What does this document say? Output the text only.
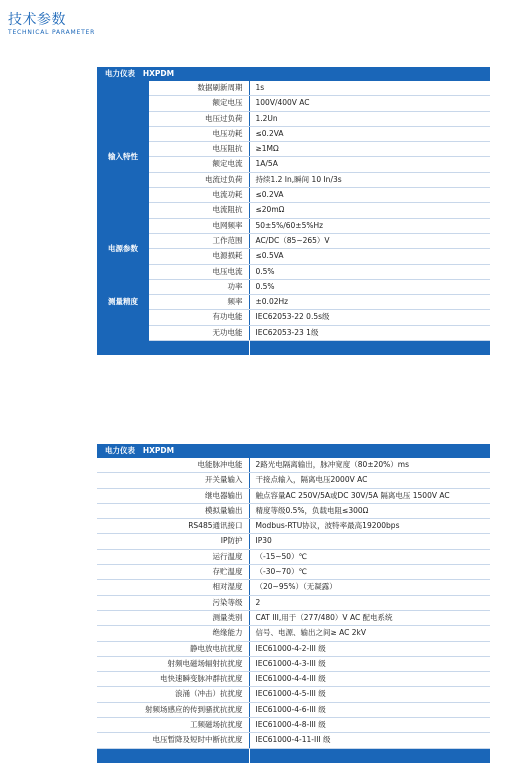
技术参数
TECHNICAL PARAMETER
电力仪表 HXPDM		
输入特性	数据刷新周期	1s
	额定电压	100V/400V AC
	电压过负荷	1.2Un
	电压功耗	≤0.2VA
	电压阻抗	≥1MΩ
	额定电流	1A/5A
	电流过负荷	持续1.2 In,瞬间 10 In/3s
	电流功耗	≤0.2VA
	电流阻抗	≤20mΩ
	电网频率	50±5%/60±5%Hz
电源参数	工作范围	AC/DC（85~265）V
	电源损耗	≤0.5VA
测量精度	电压电流	0.5%
	功率	0.5%
	频率	±0.02Hz
	有功电能	IEC62053-22 0.5s级
	无功电能	IEC62053-23 1级

电力仪表 HXPDM	
电能脉冲电能	2路光电隔离输出，脉冲宽度（80±20%）ms
开关量输入	干接点输入，隔离电压2000V AC
继电器输出	触点容量AC 250V/5A或DC 30V/5A 隔离电压 1500V AC
模拟量输出	精度等级0.5%，负载电阻≤300Ω
RS485通讯接口	Modbus-RTU协议，波特率最高19200bps
IP防护	IP30
运行温度	（-15~50）℃
存贮温度	（-30~70）℃
相对湿度	（20~95%）（无凝露）
污染等级	2
测量类别	CAT III,用于（277/480）V AC 配电系统
绝缘能力	信号、电源、输出之间≥ AC 2kV
静电放电抗扰度	IEC61000-4-2-III 级
射频电磁场辐射抗扰度	IEC61000-4-3-III 级
电快速瞬变脉冲群抗扰度	IEC61000-4-4-III 级
浪涌（冲击）抗扰度	IEC61000-4-5-III 级
射频场感应的传到骚扰抗扰度	IEC61000-4-6-III 级
工频磁场抗扰度	IEC61000-4-8-III 级
电压暂降及短时中断抗扰度	IEC61000-4-11-III 级
